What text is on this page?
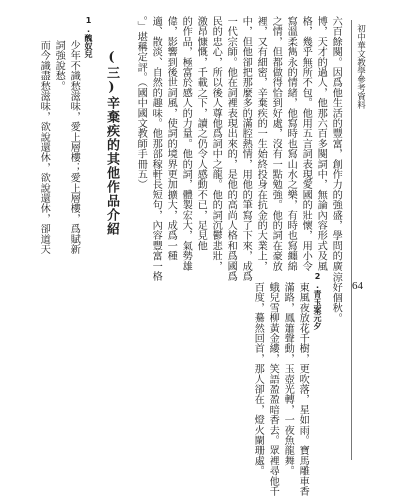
初中華文教學參考資料
64
涼好個秋。
2.青玉案元夕
東風夜放花千樹，更吹落，星如雨。寶馬雕車香
滿路，鳳簫聲動，玉壺光轉，一夜魚龍舞。
蛾兒雪柳黃金縷，笑語盈盈暗香去。眾裡尋他千
百度，驀然回首，那人卻在，燈火闌珊處。
六百餘闋。因爲他生活的豐富，創作力的強盛，學問的廣
博，天才的過人，他那六百多闋詞中，無論內容形式及風
格，幾乎無所不包。他用五言詞表現愛國的壯懷，用小令
寫溫柔雋永的情緒，他寫時也寫山水之樂，有時也寫纏綿
之情，但都做得恰到好處，沒有一點勉強。他的詞在豪放
裡，又有細密，辛棄疾的一生始終投身在抗金的大業上，
中，但他卻把那麼多的滿腔熱情，用他的筆寫了下來，成爲
一代宗師。他在詞裡表現出來的，是他的高尚人格和爲國爲
民的忠心，所以後人尊他爲詞中之龍。他的詞沉鬱悲壯，
激昂慷慨，千載之下，讀之仍令人感動不已，足見他
的作品，極富於感人的力量。他的詞，體製宏大，氣勢雄
偉，影響到後世詞風，使詞的境界更加擴大，成爲一種
適、散淡、自然的趣味。他那部稼軒長短句，內容豐富一格
。」堪稱定評。（國中國文教師手冊五）
(三)辛棄疾的其他作品介紹
1.醜奴兒
少年不識愁滋味，愛上層樓；愛上層樓，爲賦新
詞強說愁。
而今識盡愁滋味，欲說還休，欲說還休，卻道天
